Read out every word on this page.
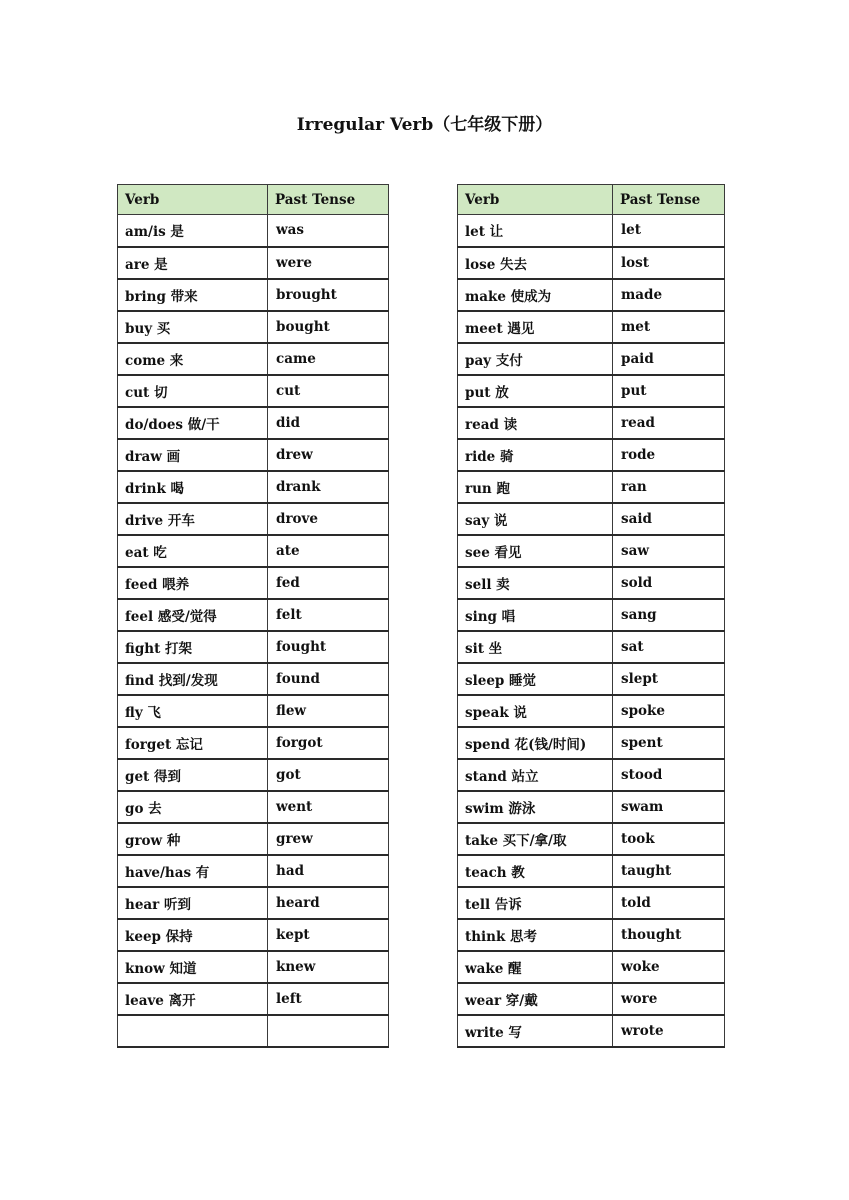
Irregular Verb（七年级下册）
Verb	Past Tense
am/is 是	was
are 是	were
bring 带来	brought
buy 买	bought
come 来	came
cut 切	cut
do/does 做/干	did
draw 画	drew
drink 喝	drank
drive 开车	drove
eat 吃	ate
feed 喂养	fed
feel 感受/觉得	felt
fight 打架	fought
find 找到/发现	found
fly 飞	flew
forget 忘记	forgot
get 得到	got
go 去	went
grow 种	grew
have/has 有	had
hear 听到	heard
keep 保持	kept
know 知道	knew
leave 离开	left

Verb	Past Tense
let 让	let
lose 失去	lost
make 使成为	made
meet 遇见	met
pay 支付	paid
put 放	put
read 读	read
ride 骑	rode
run 跑	ran
say 说	said
see 看见	saw
sell 卖	sold
sing 唱	sang
sit 坐	sat
sleep 睡觉	slept
speak 说	spoke
spend 花(钱/时间)	spent
stand 站立	stood
swim 游泳	swam
take 买下/拿/取	took
teach 教	taught
tell 告诉	told
think 思考	thought
wake 醒	woke
wear 穿/戴	wore
write 写	wrote
